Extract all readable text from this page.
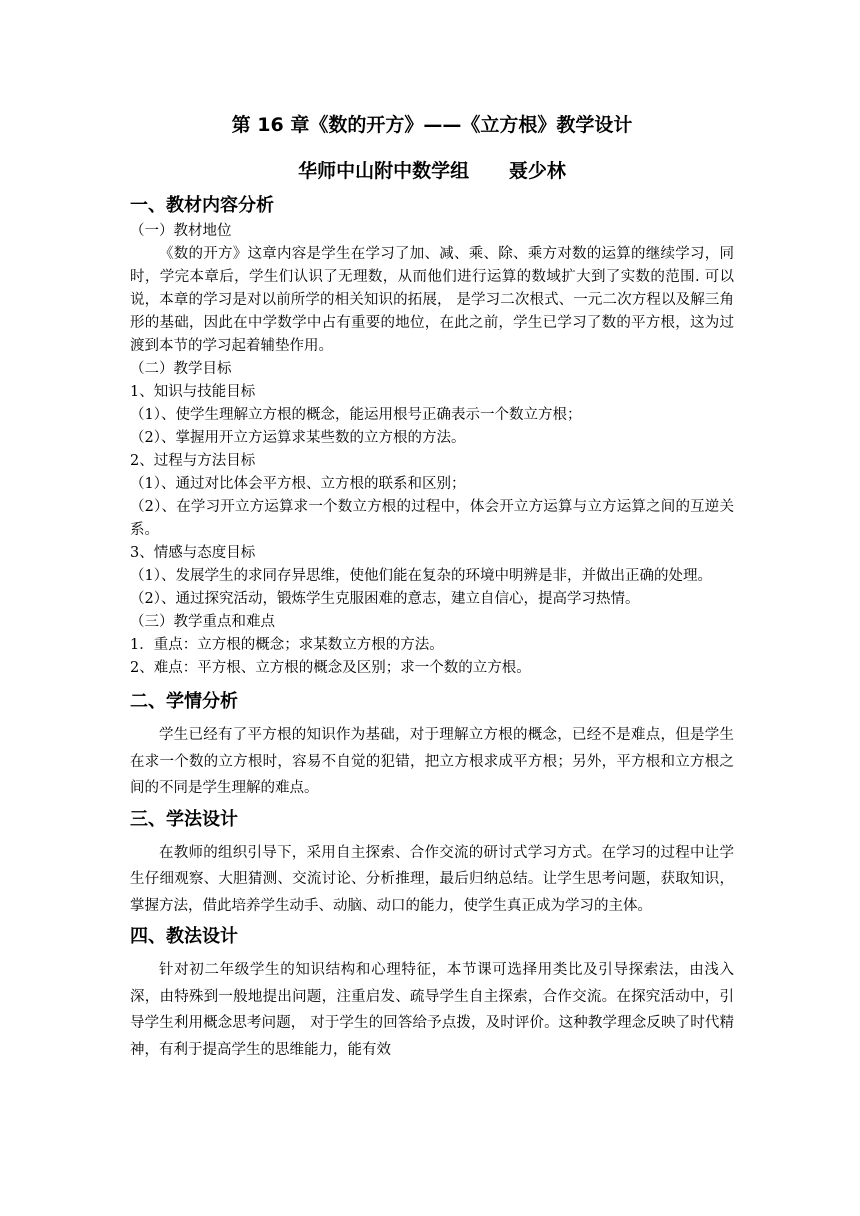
第 16 章《数的开方》——《立方根》教学设计
华师中山附中数学组      聂少林
一、教材内容分析

（一）教材地位

《数的开方》这章内容是学生在学习了加、减、乘、除、乘方对数的运算的继续学习，同时，学完本章后，学生们认识了无理数，从而他们进行运算的数域扩大到了实数的范围. 可以说，本章的学习是对以前所学的相关知识的拓展， 是学习二次根式、一元二次方程以及解三角形的基础，因此在中学数学中占有重要的地位，在此之前，学生已学习了数的平方根，这为过渡到本节的学习起着辅垫作用。

（二）教学目标

1、知识与技能目标

（1）、使学生理解立方根的概念，能运用根号正确表示一个数立方根；

（2）、掌握用开立方运算求某些数的立方根的方法。

2、过程与方法目标

（1）、通过对比体会平方根、立方根的联系和区别；

（2）、在学习开立方运算求一个数立方根的过程中，体会开立方运算与立方运算之间的互逆关系。

3、情感与态度目标

（1）、发展学生的求同存异思维，使他们能在复杂的环境中明辨是非，并做出正确的处理。

（2）、通过探究活动，锻炼学生克服困难的意志，建立自信心，提高学习热情。

（三）教学重点和难点

1．重点：立方根的概念；求某数立方根的方法。

2、难点：平方根、立方根的概念及区别；求一个数的立方根。

二、学情分析

学生已经有了平方根的知识作为基础，对于理解立方根的概念，已经不是难点，但是学生在求一个数的立方根时，容易不自觉的犯错，把立方根求成平方根；另外，平方根和立方根之间的不同是学生理解的难点。

三、学法设计

在教师的组织引导下，采用自主探索、合作交流的研讨式学习方式。在学习的过程中让学生仔细观察、大胆猜测、交流讨论、分析推理，最后归纳总结。让学生思考问题，获取知识，掌握方法，借此培养学生动手、动脑、动口的能力，使学生真正成为学习的主体。

四、教法设计

针对初二年级学生的知识结构和心理特征，本节课可选择用类比及引导探索法，由浅入深，由特殊到一般地提出问题，注重启发、疏导学生自主探索，合作交流。在探究活动中，引导学生利用概念思考问题， 对于学生的回答给予点拨，及时评价。这种教学理念反映了时代精神，有利于提高学生的思维能力，能有效
